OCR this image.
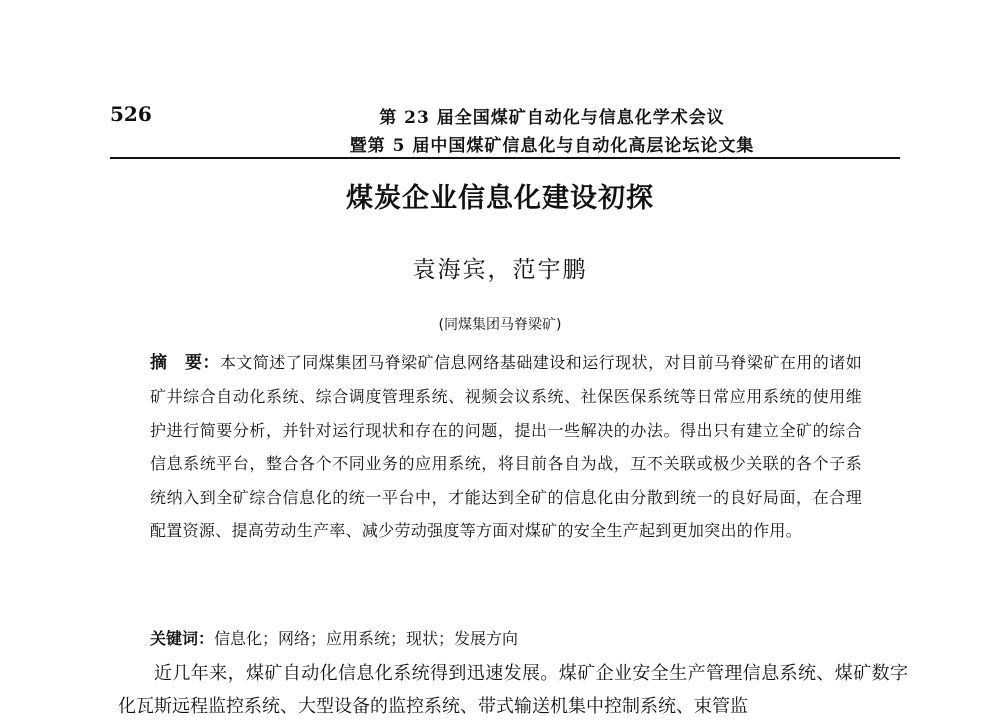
526	第 23 届全国煤矿自动化与信息化学术会议
暨第 5 届中国煤矿信息化与自动化高层论坛论文集
煤炭企业信息化建设初探
袁海宾，范宇鹏
(同煤集团马脊梁矿)
摘　要：本文简述了同煤集团马脊梁矿信息网络基础建设和运行现状，对目前马脊梁矿在用的诸如矿井综合自动化系统、综合调度管理系统、视频会议系统、社保医保系统等日常应用系统的使用维护进行简要分析，并针对运行现状和存在的问题，提出一些解决的办法。得出只有建立全矿的综合信息系统平台，整合各个不同业务的应用系统，将目前各自为战，互不关联或极少关联的各个子系统纳入到全矿综合信息化的统一平台中，才能达到全矿的信息化由分散到统一的良好局面，在合理配置资源、提高劳动生产率、减少劳动强度等方面对煤矿的安全生产起到更加突出的作用。
关键词：信息化；网络；应用系统；现状；发展方向
近几年来，煤矿自动化信息化系统得到迅速发展。煤矿企业安全生产管理信息系统、煤矿数字化瓦斯远程监控系统、大型设备的监控系统、带式输送机集中控制系统、束管监
